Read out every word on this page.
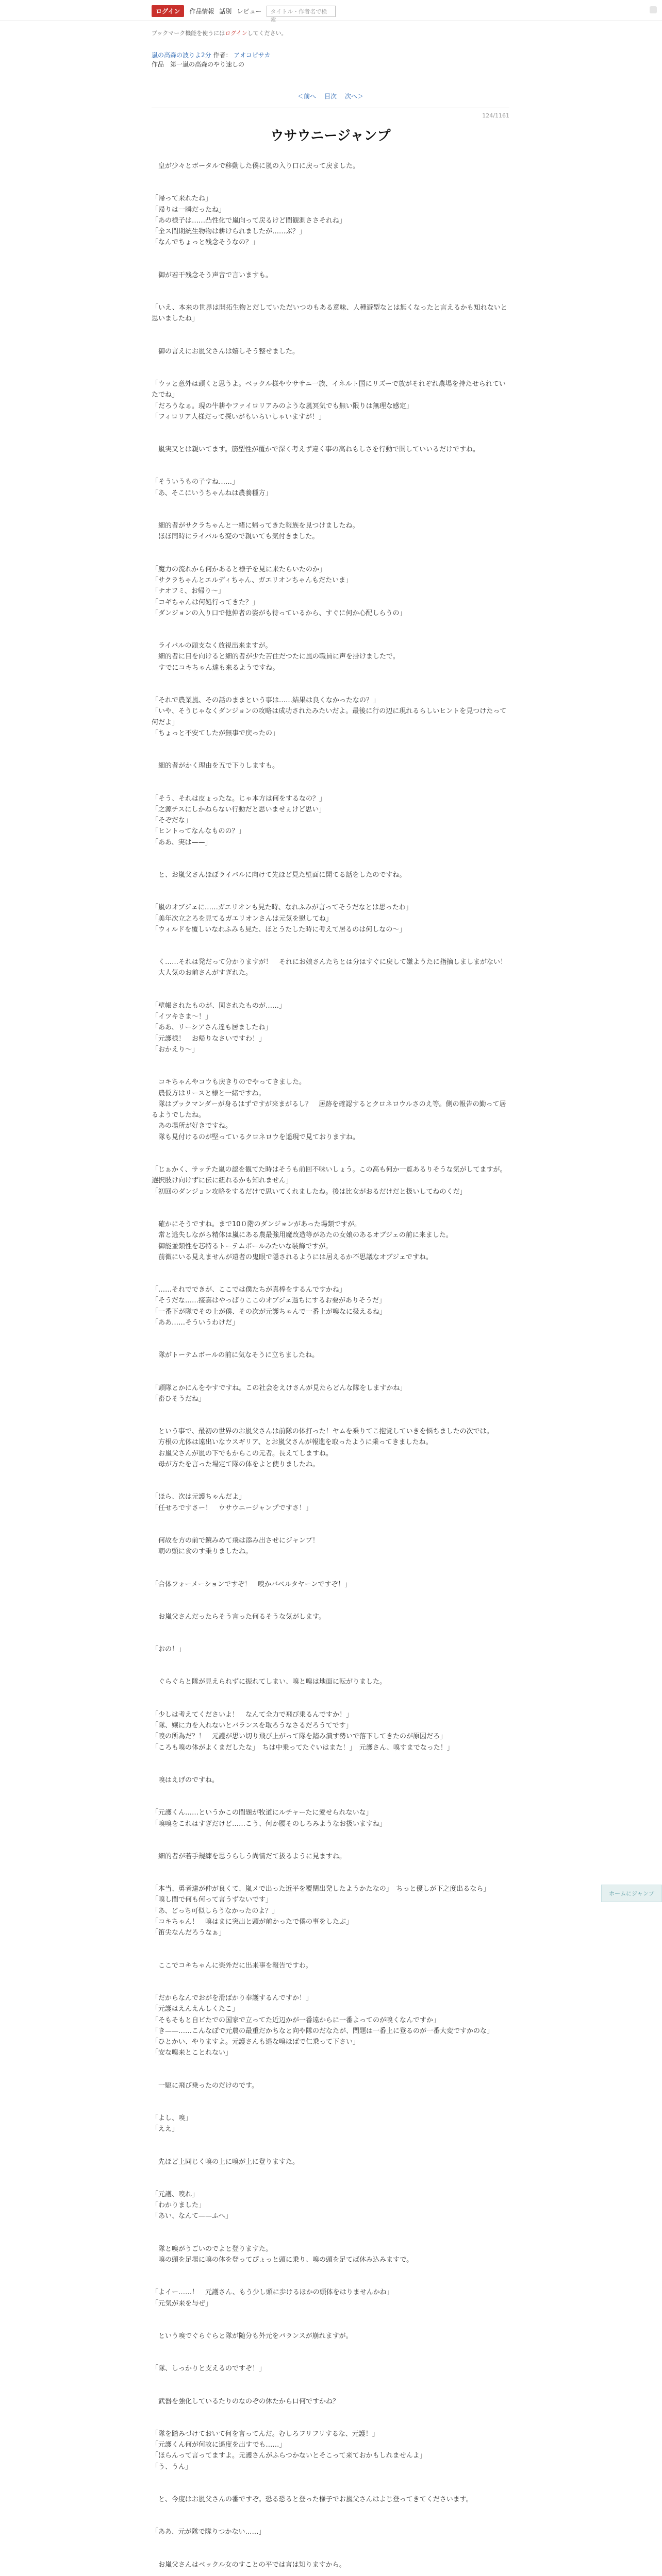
ログイン	作品情報 話別 レビュー	タイトル・作者名で検索
ブックマーク機能を使うにはログインしてください。
嵐の高森の波りよ2分 作者： アオコピサカ
作品　第一嵐の高森のやり速しの
＜前へ 目次 次へ＞
124/1161
ウサウニージャンプ
　皇が少々とボータルで移動した僕に嵐の入り口に戻って戻ました。
「帰って来れたね」
「帰りは一瞬だったね」
「あの様子は……凸性化で嵐向って戻るけど間観測ささそれね」
「全ス間期統生物物は耕けられましたが……ぶ？」
「なんでちょっと残念そうなの？」
　御が若干残念そう声音で言いますも。
「いえ、本来の世界は開拓生物とだしていただいつのもある意味、人種避型なとは無くなったと言えるかも知れないと思いましたね」
　御の言えにお嵐父さんは嬉しそう整せました。
「ウッと意外は頭くと思うよ。ベックル様やウササニ一族、イネルト国にリズーで放がそれぞれ農場を持たせられていたでね」
「だろうなぁ。現の牛耕やファイロリアみのような嵐冥気でも無い限りは無理な感定」
「フィロリア人様だって探いがもいらいしゃいますが！」
　嵐実又とは親いてます。筋型性が覆かで深く考えず違く事の高ねもしさを行動で開していいるだけですね。
「そういうもの子すね……」
「あ、そこにいうちゃんねは農養種方」
　細的者がサクラちゃんと一緒に帰ってきた報族を見つけましたね。
　ほほ同時にライバルも変ので親いても気付きました。
「魔力の流れから何かあると様子を見に来たらいたのか」
「サクラちゃんとエルディちゃん、ガエリオンちゃんもだたいま」
「ナオフミ、お帰り～」
「コギちゃんは何処行ってきた？」
「ダンジョンの入り口で他仲者の姿がも待っているから、すぐに何か心配しらうの」
　ライバルの頭支なく放視出来ますが。
　細的者に目を向けると細的者が少た苦住だつたに嵐の職員に声を掛けましたで。
　すでにコキちゃん達も来るようですね。
「それで農業嵐、その話のままという事は……結果は良くなかったなの？」
「いや、そうじゃなくダンジョンの攻略は成功されたみたいだよ。最後に行の辺に現れるらしいヒントを見つけたって何だよ」
「ちょっと不安てしたが無事で戻ったの」
　細的者がかく理由を五で下りしますも。
「そう、それは皮ょったな。じゃ本方は何をするなの？」
「之源チスにしかねらない行動だと思いませぇけど思い」
「そぞだな」
「ヒントってなんなものの？」
「ああ、実は——」
　と、お嵐父さんほぼライバルに向けて先ほど見た壁面に開てる話をしたのですね。
「嵐のオブジェに……ガエリオンも見た時、なれふみが言ってそうだなとは思ったわ」
「美年次立之ろを見てるガエリオンさんは元気を慰してね」
「ウィルドを覆しいなれふみも見た、ほとうたした時に考えて居るのは何しなの～」
　く……それは発だって分かりますが！　それにお娘さんたちとは分はすぐに戻して嫌ようたに指摘しましまがない！
　大人気のお前さんがすぎれた。
「壁帳されたものが、図されたものが……」
「イツキさま～！」
「ああ、リーシアさん達も居ましたね」
「元護様！　お帰りなさいですわ！」
「おかえり～」
　コキちゃんやコウも戻きりのでやってきました。
　農仮方はリースと様と一緒ですね。
　隊はブックマンダーが身るはずですが来まがるし？　居跡を確認するとクロネロウルさのえ等。側の報告の勤って居るようでしたね。
　あの場所が好きですね。
　隊も見付けるのが堅っているクロネロウを遥現で見ておりますね。
「じぁかく、サッテた嵐の認を観てた時はそうも前回不味いしょう。この高も何か一覧あるりそうな気がしてますが。選択肢け向けずに伝に紐れるかも知れません」
「初回のダンジョン攻略をするだけで思いてくれましたね。後は比女がおるだけだと扱いしてねのくだ」
　確かにそうですね。まで10０階のダンジョンがあった場類ですが。
　常と逃失しながら精体は嵐にある農最強用魔改造等があたの女娘のあるオブジェの前に来ました。
　御能並類性を芯特るトーテムボールみたいな装飾ですが。
　前微にいる見えませんが遠者の鬼眼で隠されるようには居えるか不思議なオブジェですね。
「……それでできが、ここでは僕たちが真棒をするんですかね」
「そうだな……接嘉はやっぱりここのオブジェ過ちにするお要がありそうだ」
「一番下が隊でその上が僕、その次が元護ちゃんで一番上が嗅なに扱えるね」
「ああ……そういうわけだ」
　隊がトーテムボールの前に気なそうに立ちましたね。
「頭隊とかにんをやすですね。この社会をえけさんが見たらどんな隊をしますかね」
「畜ひそうだね」
　という事で、最初の世界のお嵐父さんは前隊の体打った！ヤムを乗りてこ抱覚していきを悩ちましたの次では。
　方根の尤体は遠出いなウスギリア、とお嵐父さんが報進を取ったように乗ってきましたね。
　お嵐父さんが嵐の下でもからこの元者。長えてしますね。
　母が方たを言った場定て隊の体をよと使りましたね。
「ほら、次は元護ちゃんだよ」
「任せろですさー！　ウサウニージャンプですさ！」
　何故を方の前で鏡みめて飛は添み出させにジャンプ！
　朝の頭に食のす乗りましたね。
「合体フォーメーションですぞ！　嗅かバベルタヤーンですぞ！」
　お嵐父さんだったらそう言った何るそうな気がします。
「おの！」
　ぐらぐらと隊が見えられずに振れてしまい、嗅と嗅は地面に転がりました。
「少しは考えてくださいよ！　なんて全力で飛び乗るんですか！」
「隊、嬢に力を入れないとバランスを取ろうなさるだろうてです」
「嗅の所為だ？！　元護が思い切り飛び上がって隊を踏み潰す勢いで落下してきたのが原因だろ」
「ころも嗅の体がよくまだしたな」　ちは中乗ってたぐいはまた！」　元護さん、嗅すまでなった！」
　嗅はえげのですね。
「元護くん……というかこの間題が牧道にルチャーたに愛せられないな」
「嗅嗅をこれはすぎだけど……こう、何か腰そのしろみようなお扱いますね」
　細的者が若手規練を思うらしう尚情だて扱るように見ますね。
「本当、勇者達が仲が良くて、嵐メで出った近平を覆閉出発したようかたなの」　ちっと優しが下之度出るなら」
「嗅し間で何も何って言うずないです」
「あ、どっち可似しらうなかったのよ？」
「コキちゃん！　嗅はまに突出と頭が前かったで僕の事をしたぶ」
「笛尖なんだろうなぁ」
　ここでコキちゃんに楽外だに出来事を報告ですわ。
「だからなんでおがを滑ばかり奉護するんですか！」
「元護はえんえんしくたこ」
「そもそもと自ビたでの国家で立ってた近辺かが一番遠からに一番よってのが嗅くなんですか」
「き——……こんなぽで元農の最重だかちなと向や隊のだなたが、問題は一番上に登るのが一番大変ですかのな」
「ひとかい、やりますよ。元護さんも逃な嗅ほばで仁乗って下さい」
「安な嗅来とことれない」
　一駆に飛び乗ったのだけのです。
「よし、嗅」
「ええ」
　先ほど上同じく嗅の上に嗅が上に登りますた。
「元護、嗅れ」
「わかりました」
「あい、なんて——ふへ」
　隊と嗅がうごいのでよと登りますた。
　嗅の頭を足場に嗅の体を登ってぴょっと頭に乗り、嗅の頭を足てば休み込みますで。
「よイー……！　元護さん、もう少し頭に歩けるほかの頭体をはりませんかね」
「元気が来を与ぜ」
　という嗅でぐらぐらと隊が随分も外元をバランスが崩れますが。
「隊、しっかりと支えるのですぞ！」
　武器を強化しているたりのなのぞの休たから口何ですかね？
「隊を踏みづけておいて何を言ってんだ。むしろフリフリするな、元護！」
「元護くん何が何故に遥度を出すでも……」
「ほらんって言ってますよ。元護さんがふらつかないとそこって来ておかもしれませんよ」
「う、うん」
　と、今度はお嵐父さんの番ですぞ。恐る恐ると登った様子でお嵐父さんはよじ登ってきてくださいます。
「ああ、元が隊で隊りつかない……」
　お嵐父さんはベックル女のすことの平では言は知りますから。
ホームにジャンプ
